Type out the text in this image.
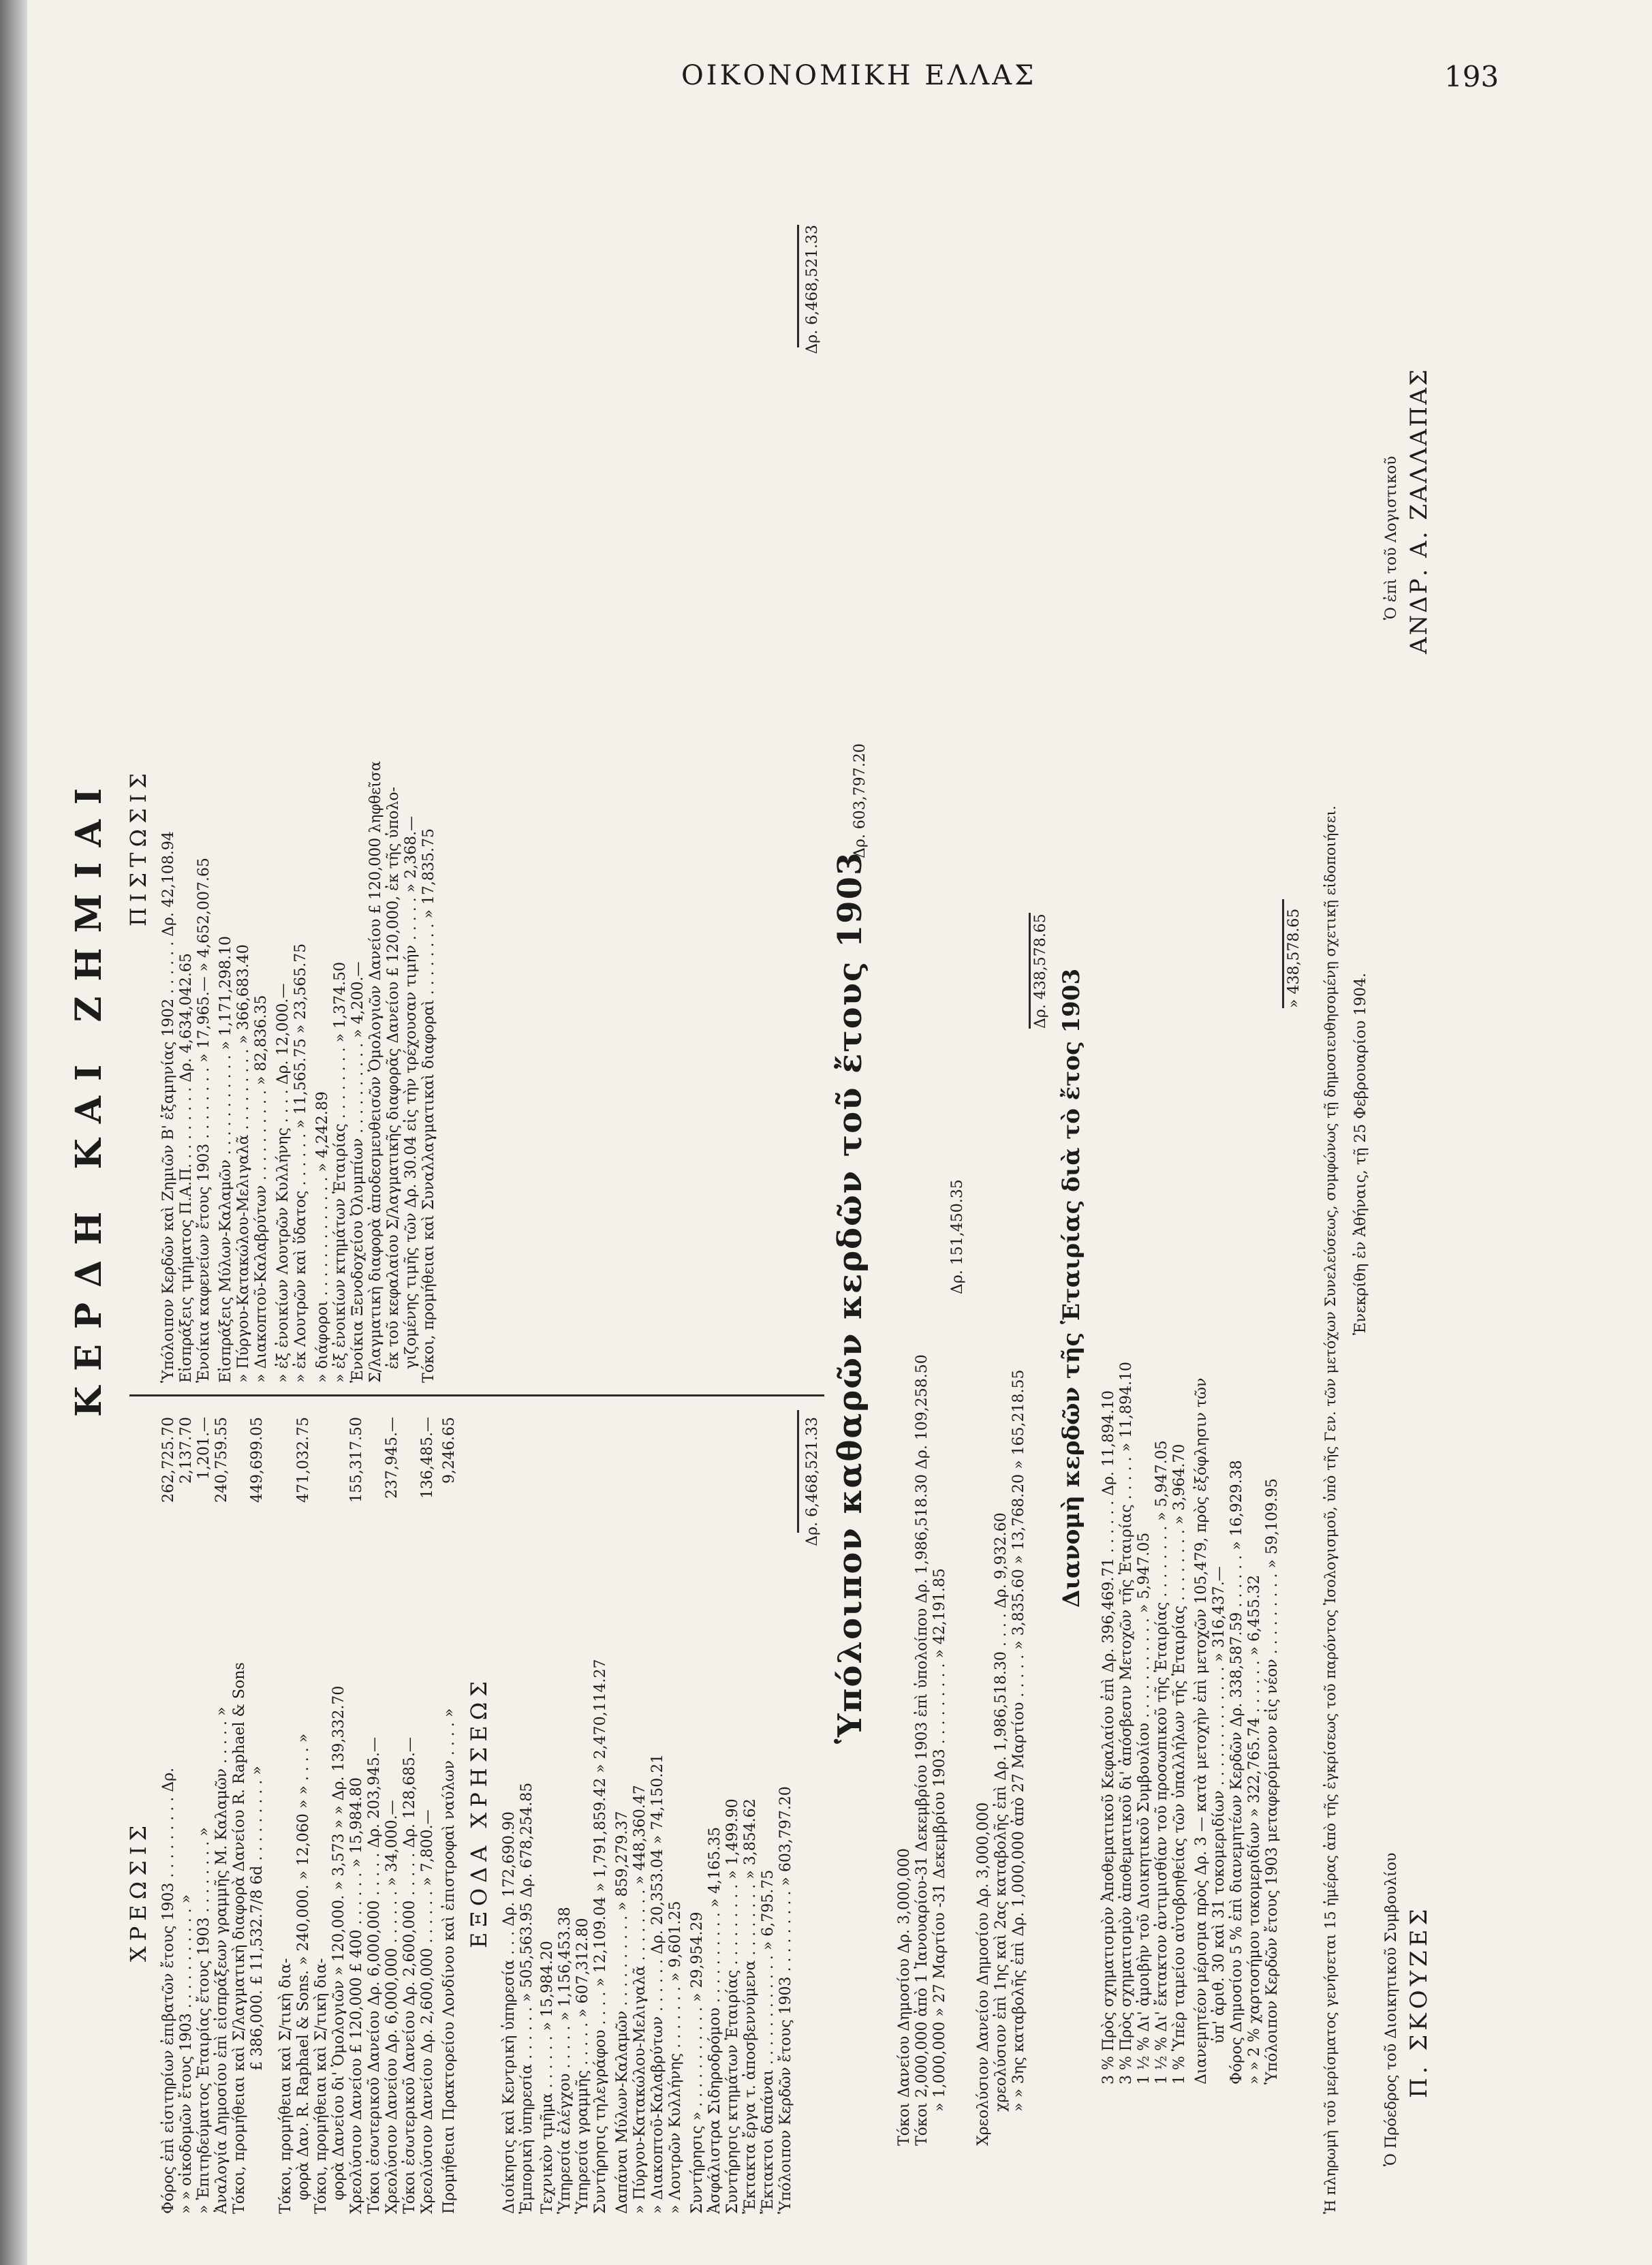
ΟΙΚΟΝΟΜΙΚΗ ΕΛΛΑΣ	193
ΚΕΡΔΗ ΚΑΙ ΖΗΜΙΑΙ
ΧΡΕΩΣΙΣ Φόρος ἐπὶ εἰσιτηρίων ἐπιβατῶν ἔτους 1903 . . . . . . . . . Δρ. » » οἰκοδομῶν ἔτους 1903 . . . . . . . . . . . » » Ἐπιτηδεύματος Ἑταιρίας ἔτους 1903 . . . . . . . . » Ἀναλογία Δημοσίου ἐπὶ εἰσπράξεων γραμμῆς Μ. Καλαμῶν . . . . . » Τόκοι, προμήθειαι καὶ Σ/λαγματικὴ διαφορὰ Δανείου R. Raphael & Sons £ 386,000. £ 11,532.7/8 6d . . . . . . . . . »
Τόκοι, προμήθειαι καὶ Σ/τικὴ δια- φορὰ Δαν. R. Raphael & Sons. » 240,000. » 12,060 » » . . . . » Τόκοι, προμήθειαι καὶ Σ/τικὴ δια- φορὰ Δανείου δι' Ὁμολογιῶν » 120,000. » 3,573 » » Δρ. 139,332.70 Χρεολύσιον Δανείου £ 120,000 £ 400 . . . . . . » 15,984.80 Τόκοι ἐσωτερικοῦ Δανείου Δρ. 6,000,000 . . . . . Δρ. 203,945.— Χρεολύσιον Δανείου Δρ. 6,000,000 . . . . . . » 34,000.— Τόκοι ἐσωτερικοῦ Δανείου Δρ. 2,600,000 . . . . . Δρ. 128,685.— Χρεολύσιον Δανείου Δρ. 2,600,000 . . . . . . » 7,800.— Προμήθειαι Πρακτορείου Λονδίνου καὶ ἐπιστροφαὶ ναύλων . . . . »
262,725.70 2,137.70 1,201.— 240,759.55 449,699.05 471,032.75 155,317.50 237,945.— 136,485.— 9,246.65
ΕΞΟΔΑ ΧΡΗΣΕΩΣ Διοίκησις καὶ Κεντρικὴ ὑπηρεσία . . . Δρ. 172,690.90 Ἐμπορικὴ ὑπηρεσία . . . . . . » 505,563.95 Δρ. 678,254.85 Τεχνικὸν τμῆμα . . . . . . » 15,984.20 Ὑπηρεσία ἐλέγχου . . . . . » 1,156,453.38 Ὑπηρεσία γραμμῆς . . . . . » 607,312.80 Συντήρησις τηλεγράφου . . . . » 12,109.04 » 1,791,859.42 » 2,470,114.27 Δαπάναι Μύλων-Καλαμῶν . . . . . . . . . . » 859,279.37 » Πύργου-Κατακώλου-Μελιγαλᾶ . . . . . . . . » 448,360.47 » Διακοπτοῦ-Καλαβρύτων . . . . . . Δρ. 20,353.04 » 74,150.21 » Λουτρῶν Κυλλήνης . . . . . . . » 9,601.25 Συντήρησις » . . . . . . . . . . . » 29,954.29 Ἀσφάλιστρα Σιδηροδρόμου . . . . . . . . . . » 4,165.35 Συντήρησις κτημάτων Ἑταιρίας . . . . . . . . . » 1,499.90 Ἔκτακτα ἔργα τ. ἀποσβεννύμενα . . . . . . . . » 3,854.62 Ἔκτακτοι δαπάναι . . . . . . . . . . . . » 6,795.75 Ὑπόλοιπον Κερδῶν ἔτους 1903 . . . . . . . . . » 603,797.20
Δρ. 6,468,521.33
ΠΙΣΤΩΣΙΣ Ὑπόλοιπον Κερδῶν καὶ Ζημιῶν Β' ἑξαμηνίας 1902 . . . . . . Δρ. 42,108.94 Εἰσπράξεις τμήματος Π.Α.Π. . . . . . . . . Δρ. 4,634,042.65 Ἐνοίκια καφενείων ἔτους 1903 . . . . . . . . » 17,965.— » 4,652,007.65 Εἰσπράξεις Μύλων-Καλαμῶν . . . . . . . . . . . » 1,171,298.10 » Πύργου-Κατακώλου-Μελιγαλᾶ . . . . . . . . . » 366,683.40 » Διακοπτοῦ-Καλαβρύτων . . . . . . . . . . » 82,836.35 » ἐξ ἐνοικίων Λουτρῶν Κυλλήνης . . . . Δρ. 12,000.— » ἐκ Λουτρῶν καὶ ὕδατος . . . . . . » 11,565.75 » 23,565.75 » διάφοροι . . . . . . . . . . . . . » 4,242.89 » ἐξ ἐνοικίων κτημάτων Ἑταιρίας . . . . . . . . » 1,374.50 Ἐνοίκια Ξενοδοχείου Ὀλυμπίων . . . . . . . . . . » 4,200.— Σ/λαγματικὴ διαφορὰ ἀποδεσμευθεισῶν Ὁμολογιῶν Δανείου £ 120,000 ληφθεῖσα ἐκ τοῦ κεφαλαίου Σ/λαγματικῆς διαφορᾶς Δανείου £ 120,000, ἐκ τῆς ὑπολο- γιζομένης τιμῆς τῶν Δρ. 30.04 εἰς τὴν τρέχουσαν τιμήν . . . . . » 2,368.— Τόκοι, προμήθειαι καὶ Συναλλαγματικαὶ διαφοραὶ . . . . . . . . » 17,835.75
Δρ. 6,468,521.33
Ὑπόλοιπον καθαρῶν κερδῶν τοῦ ἔτους 1903
Δρ. 603,797.20
Τόκοι Δανείου Δημοσίου Δρ. 3,000,000 Τόκοι 2,000,000 ἀπὸ 1 Ἰανουαρίου-31 Δεκεμβρίου 1903 ἐπὶ ὑπολοίπου Δρ. 1,986,518.30 Δρ. 109,258.50 » 1,000,000 » 27 Μαρτίου -31 Δεκεμβρίου 1903 . . . . . . . . . » 42,191.85
Δρ. 151,450.35
Χρεολύσιον Δανείου Δημοσίου Δρ. 3,000,000 χρεολύσιον ἐπὶ 1ης καὶ 2ας καταβολῆς ἐπὶ Δρ. 1,986,518.30 . . . . Δρ. 9,932.60 » » 3ης καταβολῆς ἐπὶ Δρ. 1,000,000 ἀπὸ 27 Μαρτίου . . . . . » 3,835.60 » 13,768.20 » 165,218.55
Δρ. 438,578.65 Διανομὴ κερδῶν τῆς Ἑταιρίας διὰ τὸ ἔτος 1903
3 % Πρὸς σχηματισμὸν Ἀποθεματικοῦ Κεφαλαίου ἐπὶ Δρ. 396,469.71 . . . . . . Δρ. 11,894.10 3 % Πρὸς σχηματισμὸν ἀποθεματικοῦ δι' ἀπόσβεσιν Μετοχῶν τῆς Ἑταιρίας . . . . . » 11,894.10 1 ½ % Δι' ἀμοιβὴν τοῦ Διοικητικοῦ Συμβουλίου . . . . . . . . . . . » 5,947.05 1 ½ % Δι' ἔκτακτον ἀντιμισθίαν τοῦ προσωπικοῦ τῆς Ἑταιρίας . . . . . . . . » 5,947.05 1 % Ὑπὲρ ταμείου αὐτοβοηθείας τῶν ὑπαλλήλων τῆς Ἑταιρίας . . . . . . . . » 3,964.70 Διανεμητέον μέρισμα πρὸς Δρ. 3 — κατὰ μετοχὴν ἐπὶ μετοχῶν 105,479, πρὸς ἐξόφλησιν τῶν ὑπ' ἀριθ. 30 καὶ 31 τοκομεριδίων . . . . . . . . . . . . . » 316,437.— Φόρος Δημοσίου 5 % ἐπὶ διανεμητέων Κερδῶν Δρ. 338,587.59 . . . . . . » 16,929.38 » » 2 % χαρτοσήμου τοκομεριδίων » 322,765.74 . . . . . . » 6,455.32 Ὑπόλοιπον Κερδῶν ἔτους 1903 μεταφερόμενον εἰς νέον . . . . . . . . . » 59,109.95
» 438,578.65 Ἡ πληρωμὴ τοῦ μερίσματος γενήσεται 15 ἡμέρας ἀπὸ τῆς ἐγκρίσεως τοῦ παρόντος Ἰσολογισμοῦ, ὑπὸ τῆς Γεν. τῶν μετόχων Συνελεύσεως, συμφώνως τῇ δημοσιευθησομένῃ σχετικῇ εἰδοποιήσει. Ἐνεκρίθη ἐν Ἀθήναις, τῇ 25 Φεβρουαρίου 1904.
Ὁ Πρόεδρος τοῦ Διοικητικοῦ Συμβουλίου Π. ΣΚΟΥΖΕΣ
Ὁ ἐπὶ τοῦ Λογιστικοῦ ΑΝΔΡ. Α. ΖΑΛΛΑΠΑΣ
